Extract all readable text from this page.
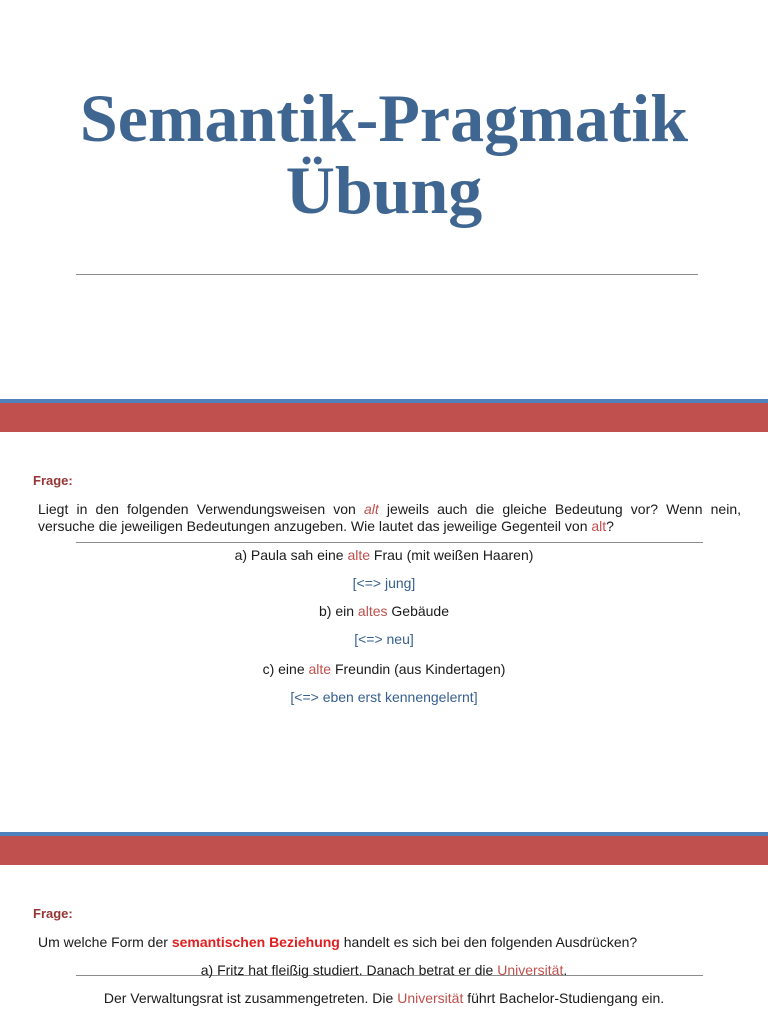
Semantik-Pragmatik
Übung
Frage:
Liegt in den folgenden Verwendungsweisen von alt jeweils auch die gleiche Bedeutung vor? Wenn nein, versuche die jeweiligen Bedeutungen anzugeben. Wie lautet das jeweilige Gegenteil von alt?
a) Paula sah eine alte Frau (mit weißen Haaren)
[<=> jung]
b) ein altes Gebäude
[<=> neu]
c) eine alte Freundin (aus Kindertagen)
[<=> eben erst kennengelernt]
Frage:
Um welche Form der semantischen Beziehung handelt es sich bei den folgenden Ausdrücken?
a) Fritz hat fleißig studiert. Danach betrat er die Universität.
Der Verwaltungsrat ist zusammengetreten. Die Universität führt Bachelor-Studiengang ein.
